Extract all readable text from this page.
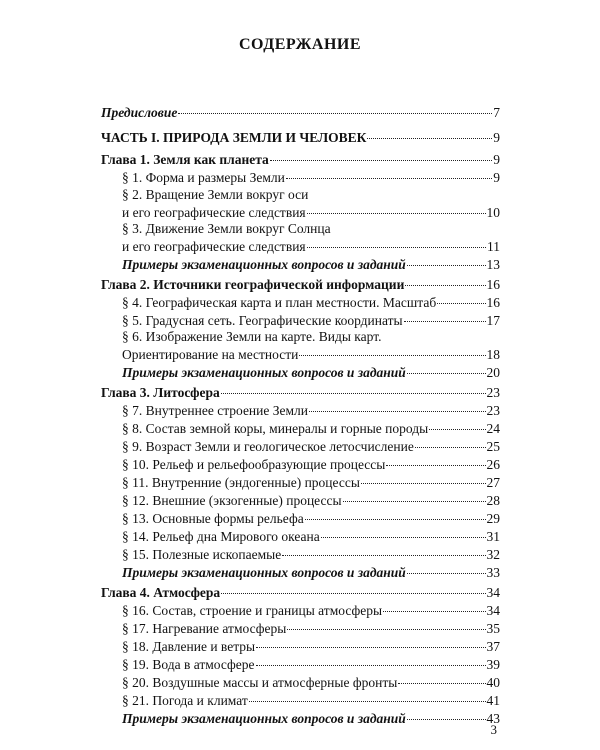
СОДЕРЖАНИЕ
Предисловие	7
ЧАСТЬ I. ПРИРОДА ЗЕМЛИ И ЧЕЛОВЕК	9
Глава 1. Земля как планета	9
§ 1. Форма и размеры Земли	9
§ 2. Вращение Земли вокруг оси
и его географические следствия	10
§ 3. Движение Земли вокруг Солнца
и его географические следствия	11
Примеры экзаменационных вопросов и заданий	13
Глава 2. Источники географической информации	16
§ 4. Географическая карта и план местности. Масштаб	16
§ 5. Градусная сеть. Географические координаты	17
§ 6. Изображение Земли на карте. Виды карт.
Ориентирование на местности	18
Примеры экзаменационных вопросов и заданий	20
Глава 3. Литосфера	23
§ 7. Внутреннее строение Земли	23
§ 8. Состав земной коры, минералы и горные породы	24
§ 9. Возраст Земли и геологическое летосчисление	25
§ 10. Рельеф и рельефообразующие процессы	26
§ 11. Внутренние (эндогенные) процессы	27
§ 12. Внешние (экзогенные) процессы	28
§ 13. Основные формы рельефа	29
§ 14. Рельеф дна Мирового океана	31
§ 15. Полезные ископаемые	32
Примеры экзаменационных вопросов и заданий	33
Глава 4. Атмосфера	34
§ 16. Состав, строение и границы атмосферы	34
§ 17. Нагревание атмосферы	35
§ 18. Давление и ветры	37
§ 19. Вода в атмосфере	39
§ 20. Воздушные массы и атмосферные фронты	40
§ 21. Погода и климат	41
Примеры экзаменационных вопросов и заданий	43
3
